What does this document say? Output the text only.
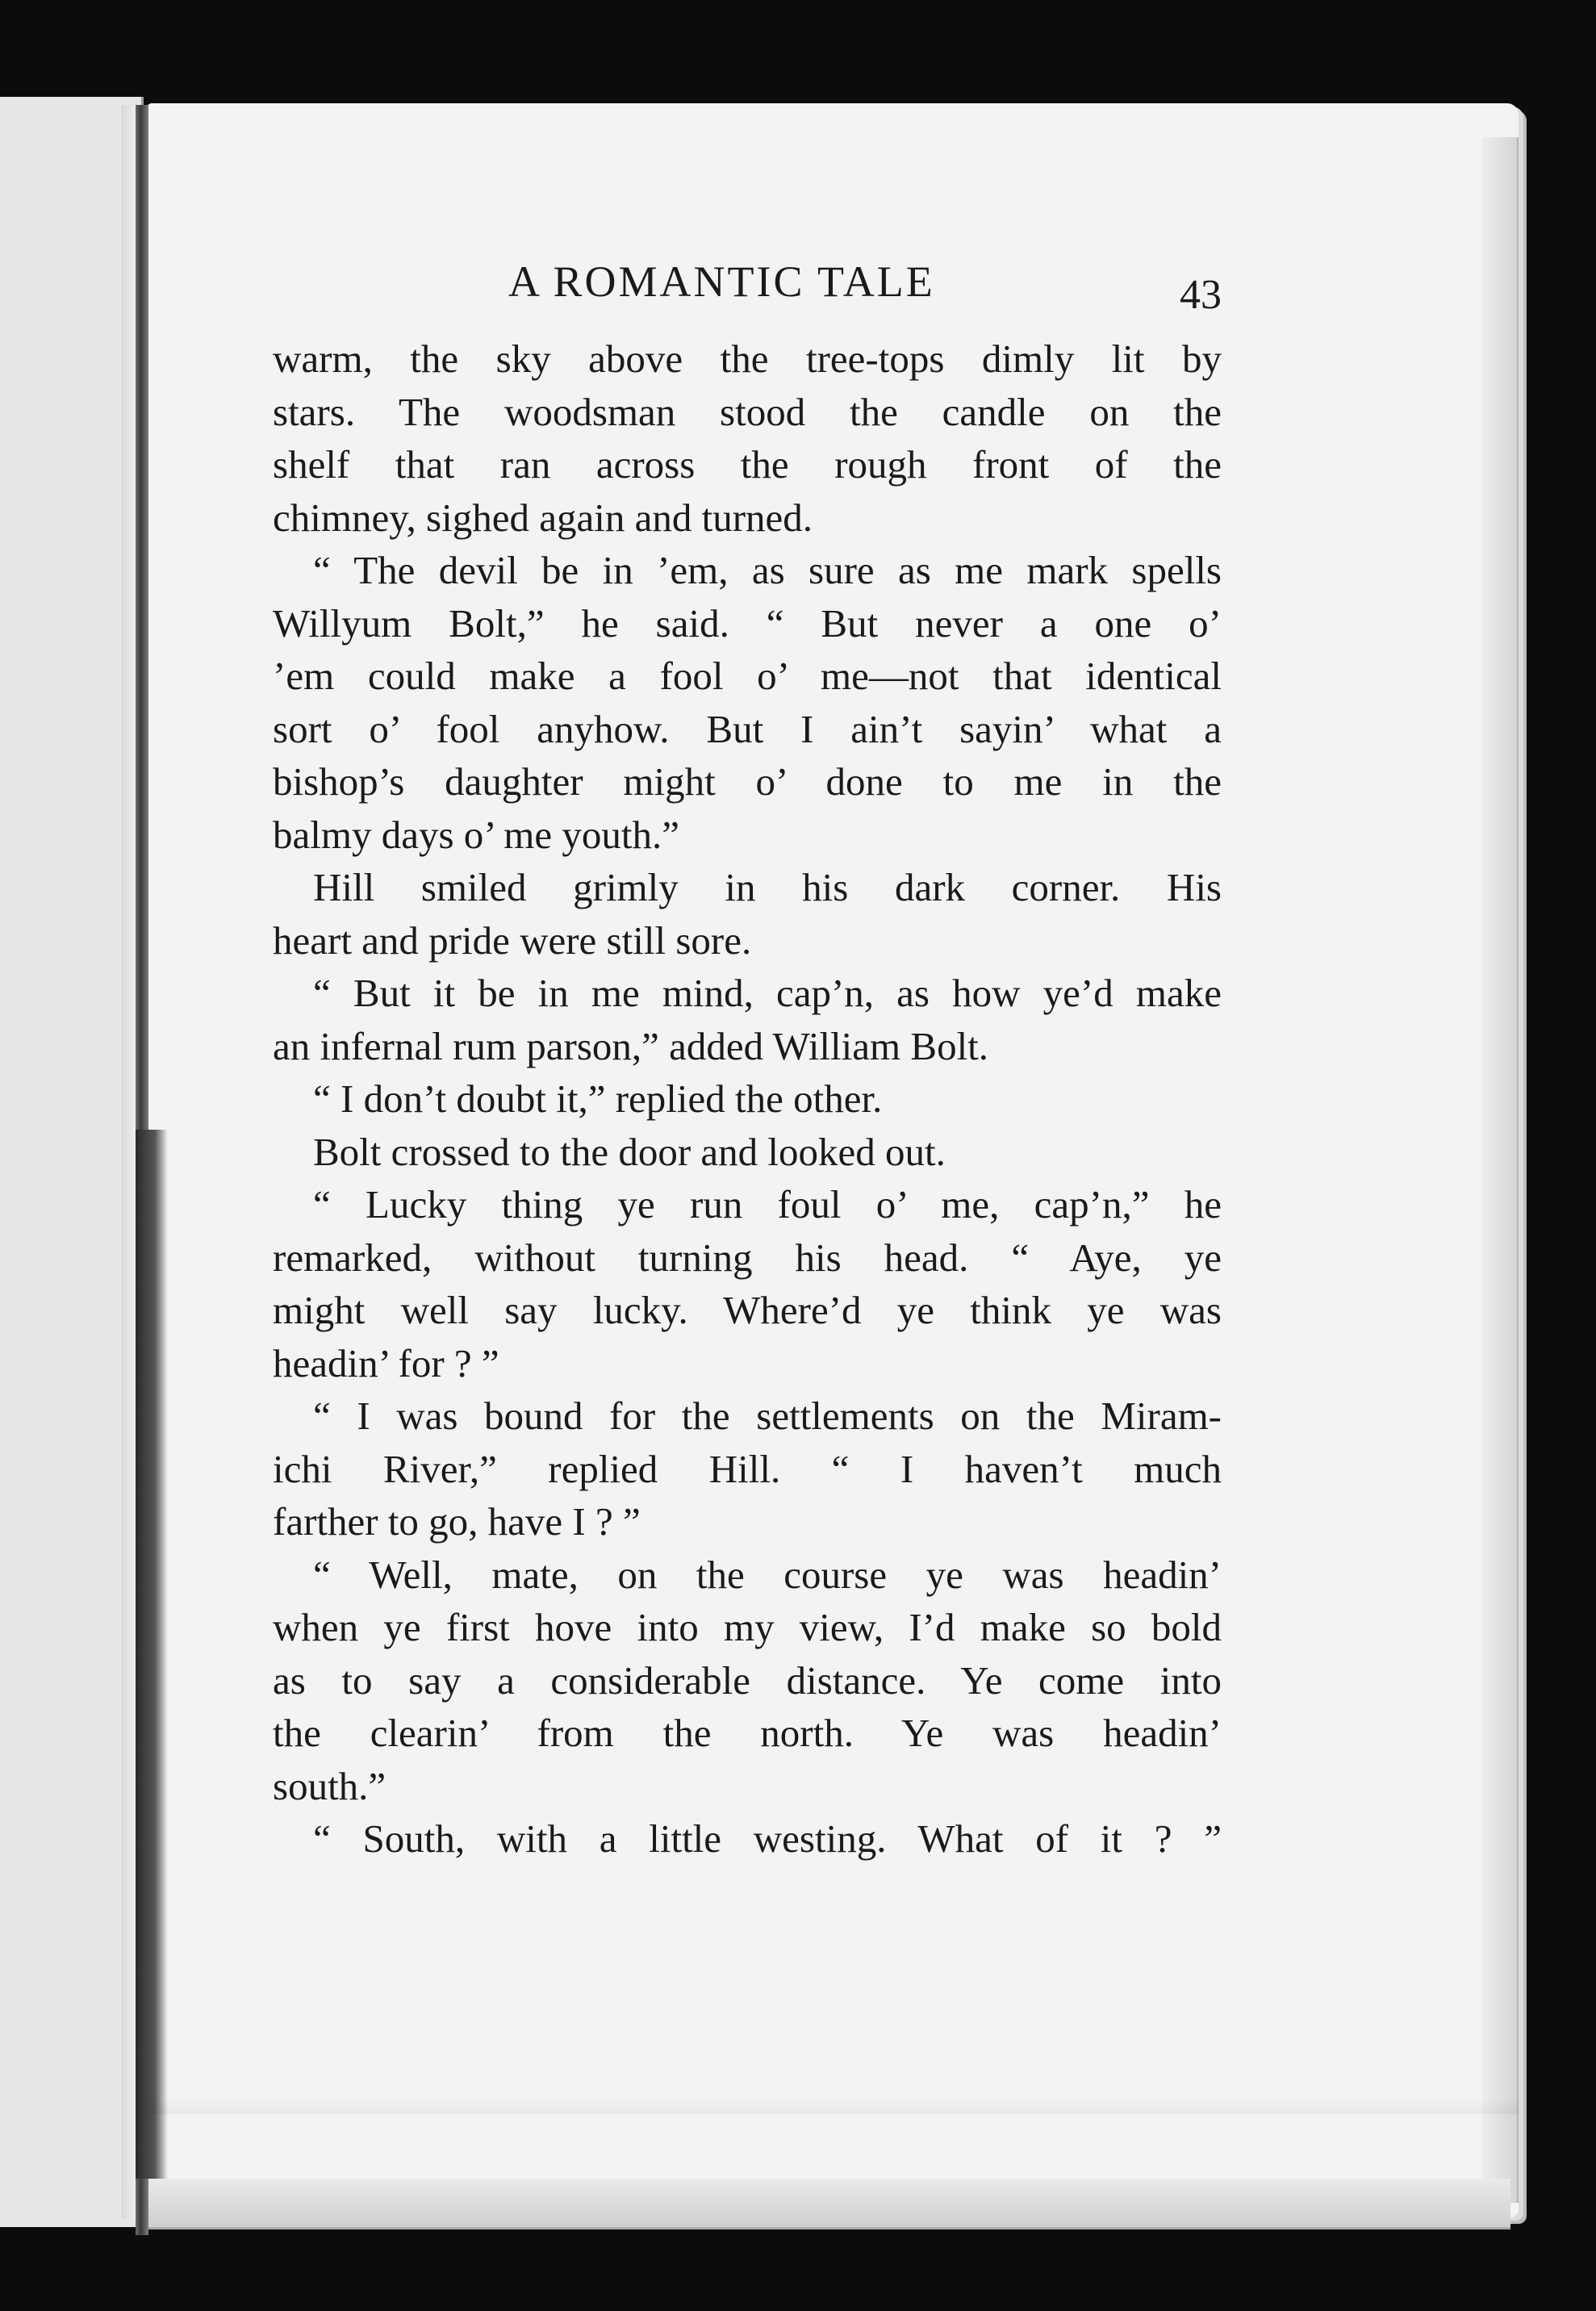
A ROMANTIC TALE	43
warm, the sky above the tree-tops dimly lit by
stars. The woodsman stood the candle on the
shelf that ran across the rough front of the
chimney, sighed again and turned.
“ The devil be in ’em, as sure as me mark spells
Willyum Bolt,” he said. “ But never a one o’
’em could make a fool o’ me—not that identical
sort o’ fool anyhow. But I ain’t sayin’ what a
bishop’s daughter might o’ done to me in the
balmy days o’ me youth.”
Hill smiled grimly in his dark corner. His
heart and pride were still sore.
“ But it be in me mind, cap’n, as how ye’d make
an infernal rum parson,” added William Bolt.
“ I don’t doubt it,” replied the other.
Bolt crossed to the door and looked out.
“ Lucky thing ye run foul o’ me, cap’n,” he
remarked, without turning his head. “ Aye, ye
might well say lucky. Where’d ye think ye was
headin’ for ? ”
“ I was bound for the settlements on the Miram-
ichi River,” replied Hill. “ I haven’t much
farther to go, have I ? ”
“ Well, mate, on the course ye was headin’
when ye first hove into my view, I’d make so bold
as to say a considerable distance. Ye come into
the clearin’ from the north. Ye was headin’
south.”
“ South, with a little westing. What of it ? ”
